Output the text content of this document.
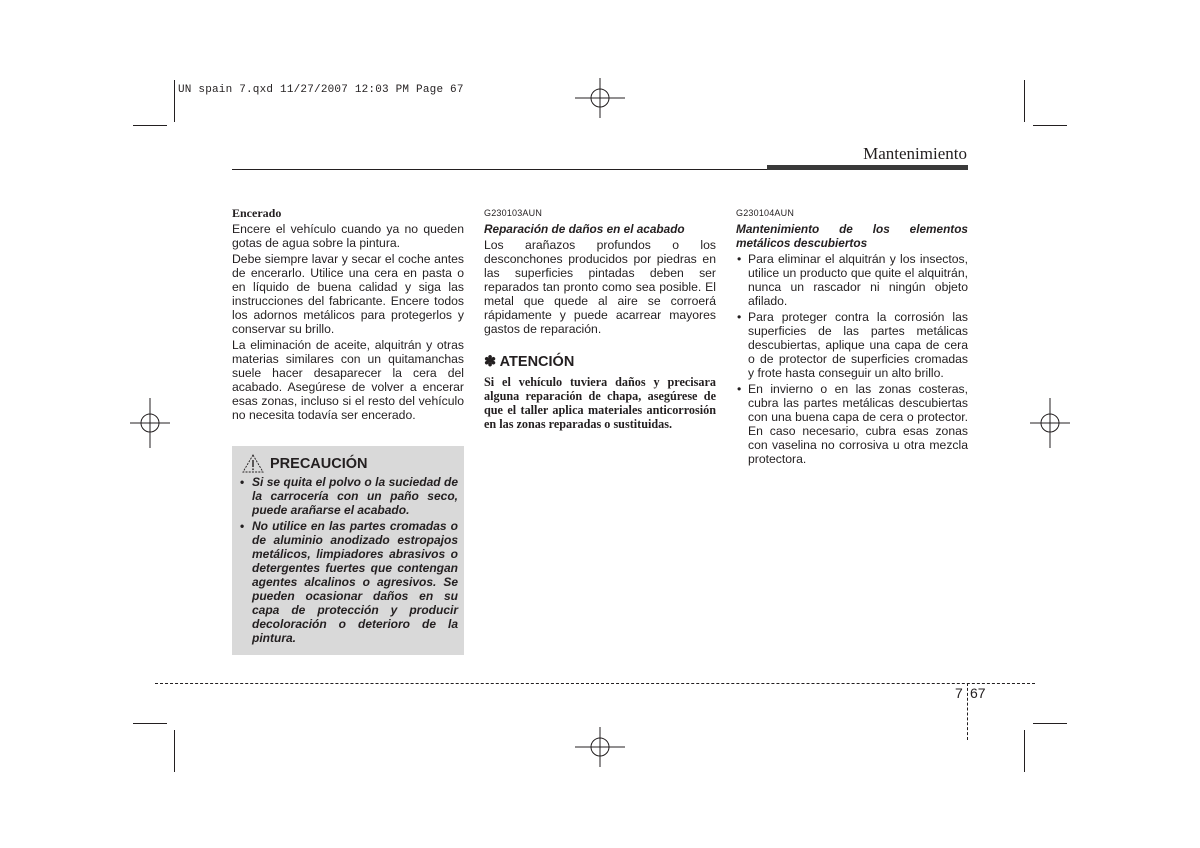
UN spain 7.qxd 11/27/2007 12:03 PM Page 67
Mantenimiento

Encerado

Encere el vehículo cuando ya no queden gotas de agua sobre la pintura.

Debe siempre lavar y secar el coche antes de encerarlo. Utilice una cera en pasta o en líquido de buena calidad y siga las instrucciones del fabricante. Encere todos los adornos metálicos para protegerlos y conservar su brillo.

La eliminación de aceite, alquitrán y otras materias similares con un quitamanchas suele hacer desaparecer la cera del acabado. Asegúrese de volver a encerar esas zonas, incluso si el resto del vehículo no necesita todavía ser encerado.

PRECAUCIÓN
• Si se quita el polvo o la suciedad de la carrocería con un paño seco, puede arañarse el acabado.
• No utilice en las partes cromadas o de aluminio anodizado estropajos metálicos, limpiadores abrasivos o detergentes fuertes que contengan agentes alcalinos o agresivos. Se pueden ocasionar daños en su capa de protección y producir decoloración o deterioro de la pintura.

G230103AUN

Reparación de daños en el acabado

Los arañazos profundos o los desconchones producidos por piedras en las superficies pintadas deben ser reparados tan pronto como sea posible. El metal que quede al aire se corroerá rápidamente y puede acarrear mayores gastos de reparación.

✽ ATENCIÓN

Si el vehículo tuviera daños y precisara alguna reparación de chapa, asegúrese de que el taller aplica materiales anticorrosión en las zonas reparadas o sustituidas.

G230104AUN

Mantenimiento de los elementos metálicos descubiertos

• Para eliminar el alquitrán y los insectos, utilice un producto que quite el alquitrán, nunca un rascador ni ningún objeto afilado.
• Para proteger contra la corrosión las superficies de las partes metálicas descubiertas, aplique una capa de cera o de protector de superficies cromadas y frote hasta conseguir un alto brillo.
• En invierno o en las zonas costeras, cubra las partes metálicas descubiertas con una buena capa de cera o protector. En caso necesario, cubra esas zonas con vaselina no corrosiva u otra mezcla protectora.
7 67
